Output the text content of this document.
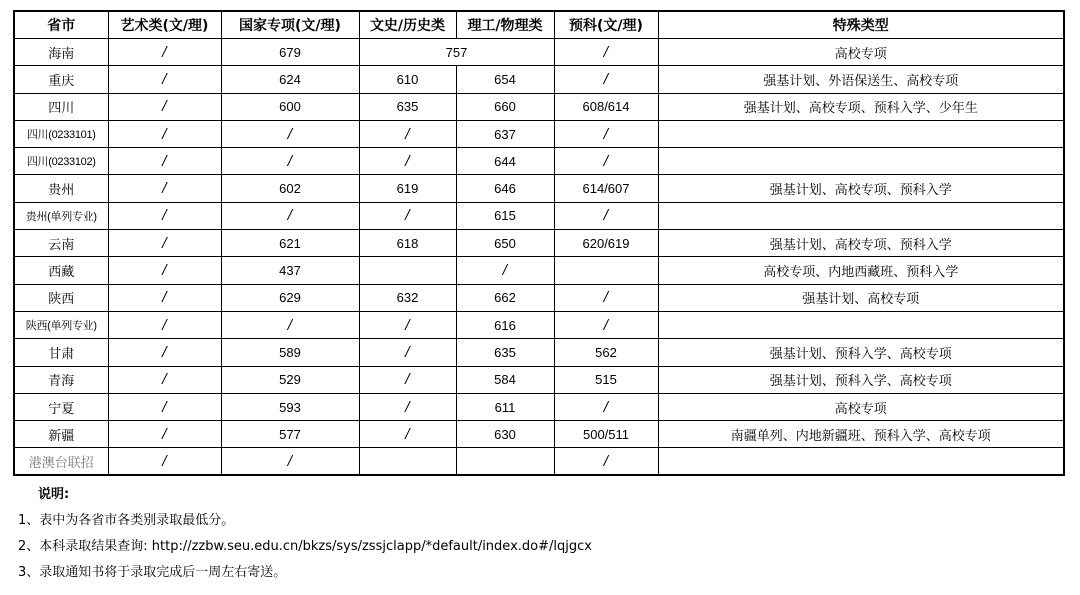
省市	艺术类(文/理)	国家专项(文/理)	文史/历史类	理工/物理类	预科(文/理)	特殊类型
海南	/	679	757		/	高校专项
重庆	/	624	610	654	/	强基计划、外语保送生、高校专项
四川	/	600	635	660	608/614	强基计划、高校专项、预科入学、少年生
四川(0233101)	/	/	/	637	/	
四川(0233102)	/	/	/	644	/	
贵州	/	602	619	646	614/607	强基计划、高校专项、预科入学
贵州(单列专业)	/	/	/	615	/	
云南	/	621	618	650	620/619	强基计划、高校专项、预科入学
西藏	/	437		/		高校专项、内地西藏班、预科入学
陕西	/	629	632	662	/	强基计划、高校专项
陕西(单列专业)	/	/	/	616	/	
甘肃	/	589	/	635	562	强基计划、预科入学、高校专项
青海	/	529	/	584	515	强基计划、预科入学、高校专项
宁夏	/	593	/	611	/	高校专项
新疆	/	577	/	630	500/511	南疆单列、内地新疆班、预科入学、高校专项
港澳台联招	/	/			/	
说明:
1、表中为各省市各类别录取最低分。
2、本科录取结果查询: http://zzbw.seu.edu.cn/bkzs/sys/zssjclapp/*default/index.do#/lqjgcx
3、录取通知书将于录取完成后一周左右寄送。
